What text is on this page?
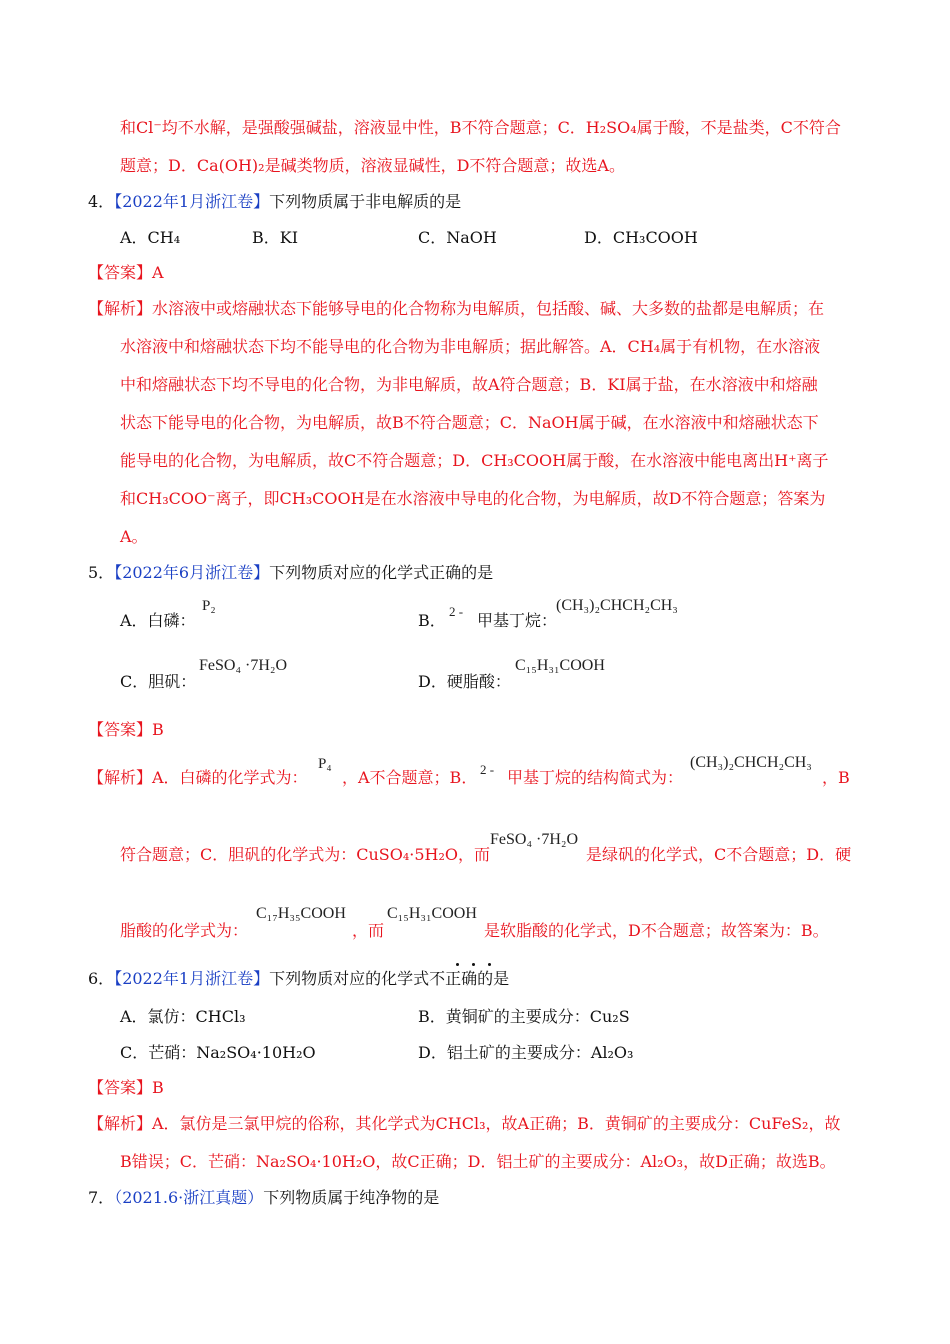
和Cl⁻均不水解，是强酸强碱盐，溶液显中性，B不符合题意；C．H₂SO₄属于酸，不是盐类，C不符合
题意；D．Ca(OH)₂是碱类物质，溶液显碱性，D不符合题意；故选A。
4．【2022年1月浙江卷】下列物质属于非电解质的是
A．CH₄	B．KI	C．NaOH	D．CH₃COOH
【答案】A
【解析】水溶液中或熔融状态下能够导电的化合物称为电解质，包括酸、碱、大多数的盐都是电解质；在
水溶液中和熔融状态下均不能导电的化合物为非电解质；据此解答。A．CH₄属于有机物，在水溶液
中和熔融状态下均不导电的化合物，为非电解质，故A符合题意；B．KI属于盐，在水溶液中和熔融
状态下能导电的化合物，为电解质，故B不符合题意；C．NaOH属于碱，在水溶液中和熔融状态下
能导电的化合物，为电解质，故C不符合题意；D．CH₃COOH属于酸，在水溶液中能电离出H⁺离子
和CH₃COO⁻离子，即CH₃COOH是在水溶液中导电的化合物，为电解质，故D不符合题意；答案为
A。
5．【2022年6月浙江卷】下列物质对应的化学式正确的是
A．白磷：
P₂
B． 2 - 甲基丁烷：
(CH₃)₂CHCH₂CH₃
C．胆矾：
FeSO₄ ·7H₂O
D．硬脂酸：
C₁₅H₃₁COOH
【答案】B
【解析】A．白磷的化学式为：
P₄
，A不合题意；B． 2 - 甲基丁烷的结构简式为：
(CH₃)₂CHCH₂CH₃
，B
符合题意；C．胆矾的化学式为：CuSO₄·5H₂O，而
FeSO₄ ·7H₂O
是绿矾的化学式，C不合题意；D．硬
脂酸的化学式为：
C₁₇H₃₅COOH
，而
C₁₅H₃₁COOH
是软脂酸的化学式，D不合题意；故答案为：B。
6．【2022年1月浙江卷】下列物质对应的化学式不正确的是
A．氯仿：CHCl₃	B．黄铜矿的主要成分：Cu₂S
C．芒硝：Na₂SO₄·10H₂O	D．铝土矿的主要成分：Al₂O₃
【答案】B
【解析】A．氯仿是三氯甲烷的俗称，其化学式为CHCl₃，故A正确；B．黄铜矿的主要成分：CuFeS₂，故
B错误；C．芒硝：Na₂SO₄·10H₂O，故C正确；D．铝土矿的主要成分：Al₂O₃，故D正确；故选B。
7．（2021.6·浙江真题）下列物质属于纯净物的是
